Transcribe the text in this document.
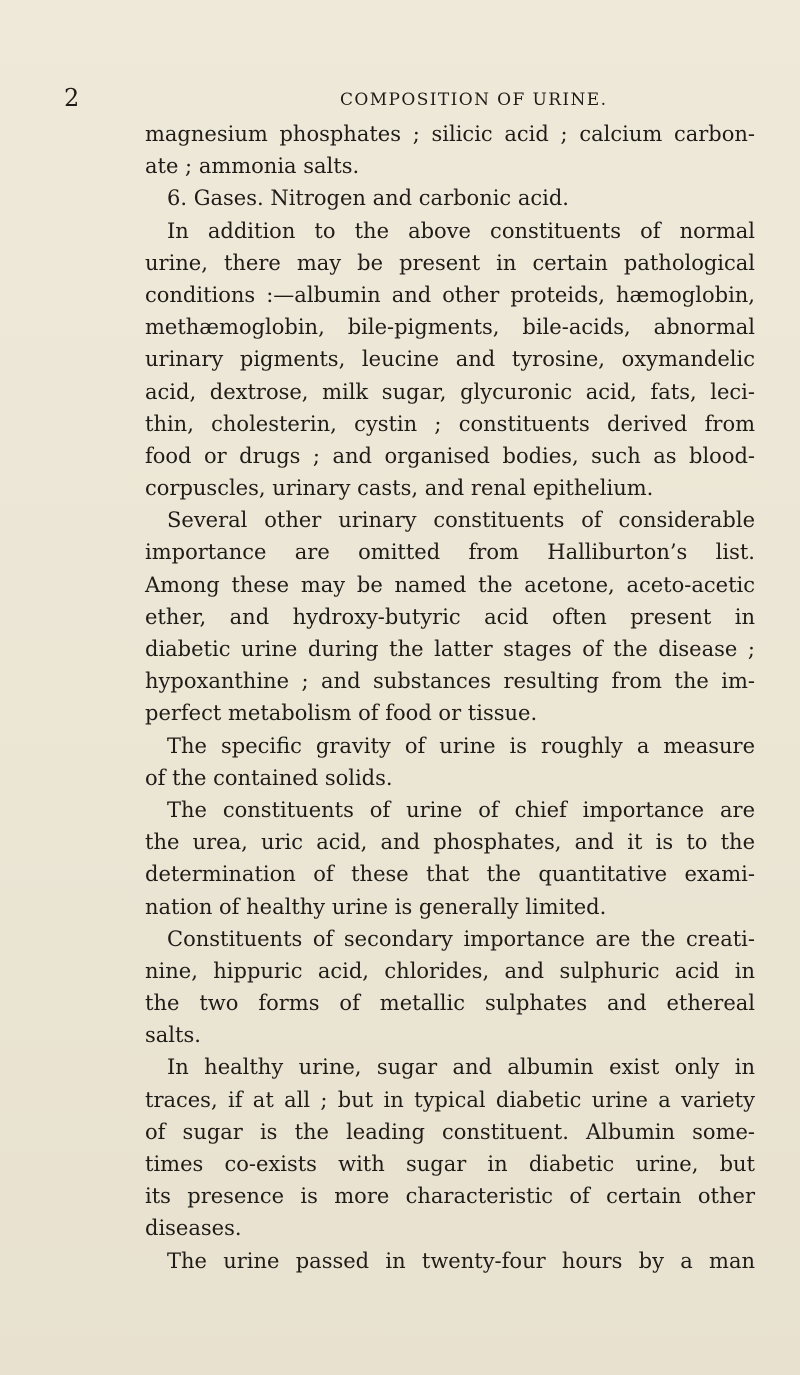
2	COMPOSITION OF URINE.
magnesium phosphates ; silicic acid ; calcium carbon-
ate ; ammonia salts.
6. Gases. Nitrogen and carbonic acid.
In addition to the above constituents of normal
urine, there may be present in certain pathological
conditions :—albumin and other proteids, hæmoglobin,
methæmoglobin, bile-pigments, bile-acids, abnormal
urinary pigments, leucine and tyrosine, oxymandelic
acid, dextrose, milk sugar, glycuronic acid, fats, leci-
thin, cholesterin, cystin ; constituents derived from
food or drugs ; and organised bodies, such as blood-
corpuscles, urinary casts, and renal epithelium.
Several other urinary constituents of considerable
importance are omitted from Halliburton’s list.
Among these may be named the acetone, aceto-acetic
ether, and hydroxy-butyric acid often present in
diabetic urine during the latter stages of the disease ;
hypoxanthine ; and substances resulting from the im-
perfect metabolism of food or tissue.
The specific gravity of urine is roughly a measure
of the contained solids.
The constituents of urine of chief importance are
the urea, uric acid, and phosphates, and it is to the
determination of these that the quantitative exami-
nation of healthy urine is generally limited.
Constituents of secondary importance are the creati-
nine, hippuric acid, chlorides, and sulphuric acid in
the two forms of metallic sulphates and ethereal
salts.
In healthy urine, sugar and albumin exist only in
traces, if at all ; but in typical diabetic urine a variety
of sugar is the leading constituent. Albumin some-
times co-exists with sugar in diabetic urine, but
its presence is more characteristic of certain other
diseases.
The urine passed in twenty-four hours by a man
